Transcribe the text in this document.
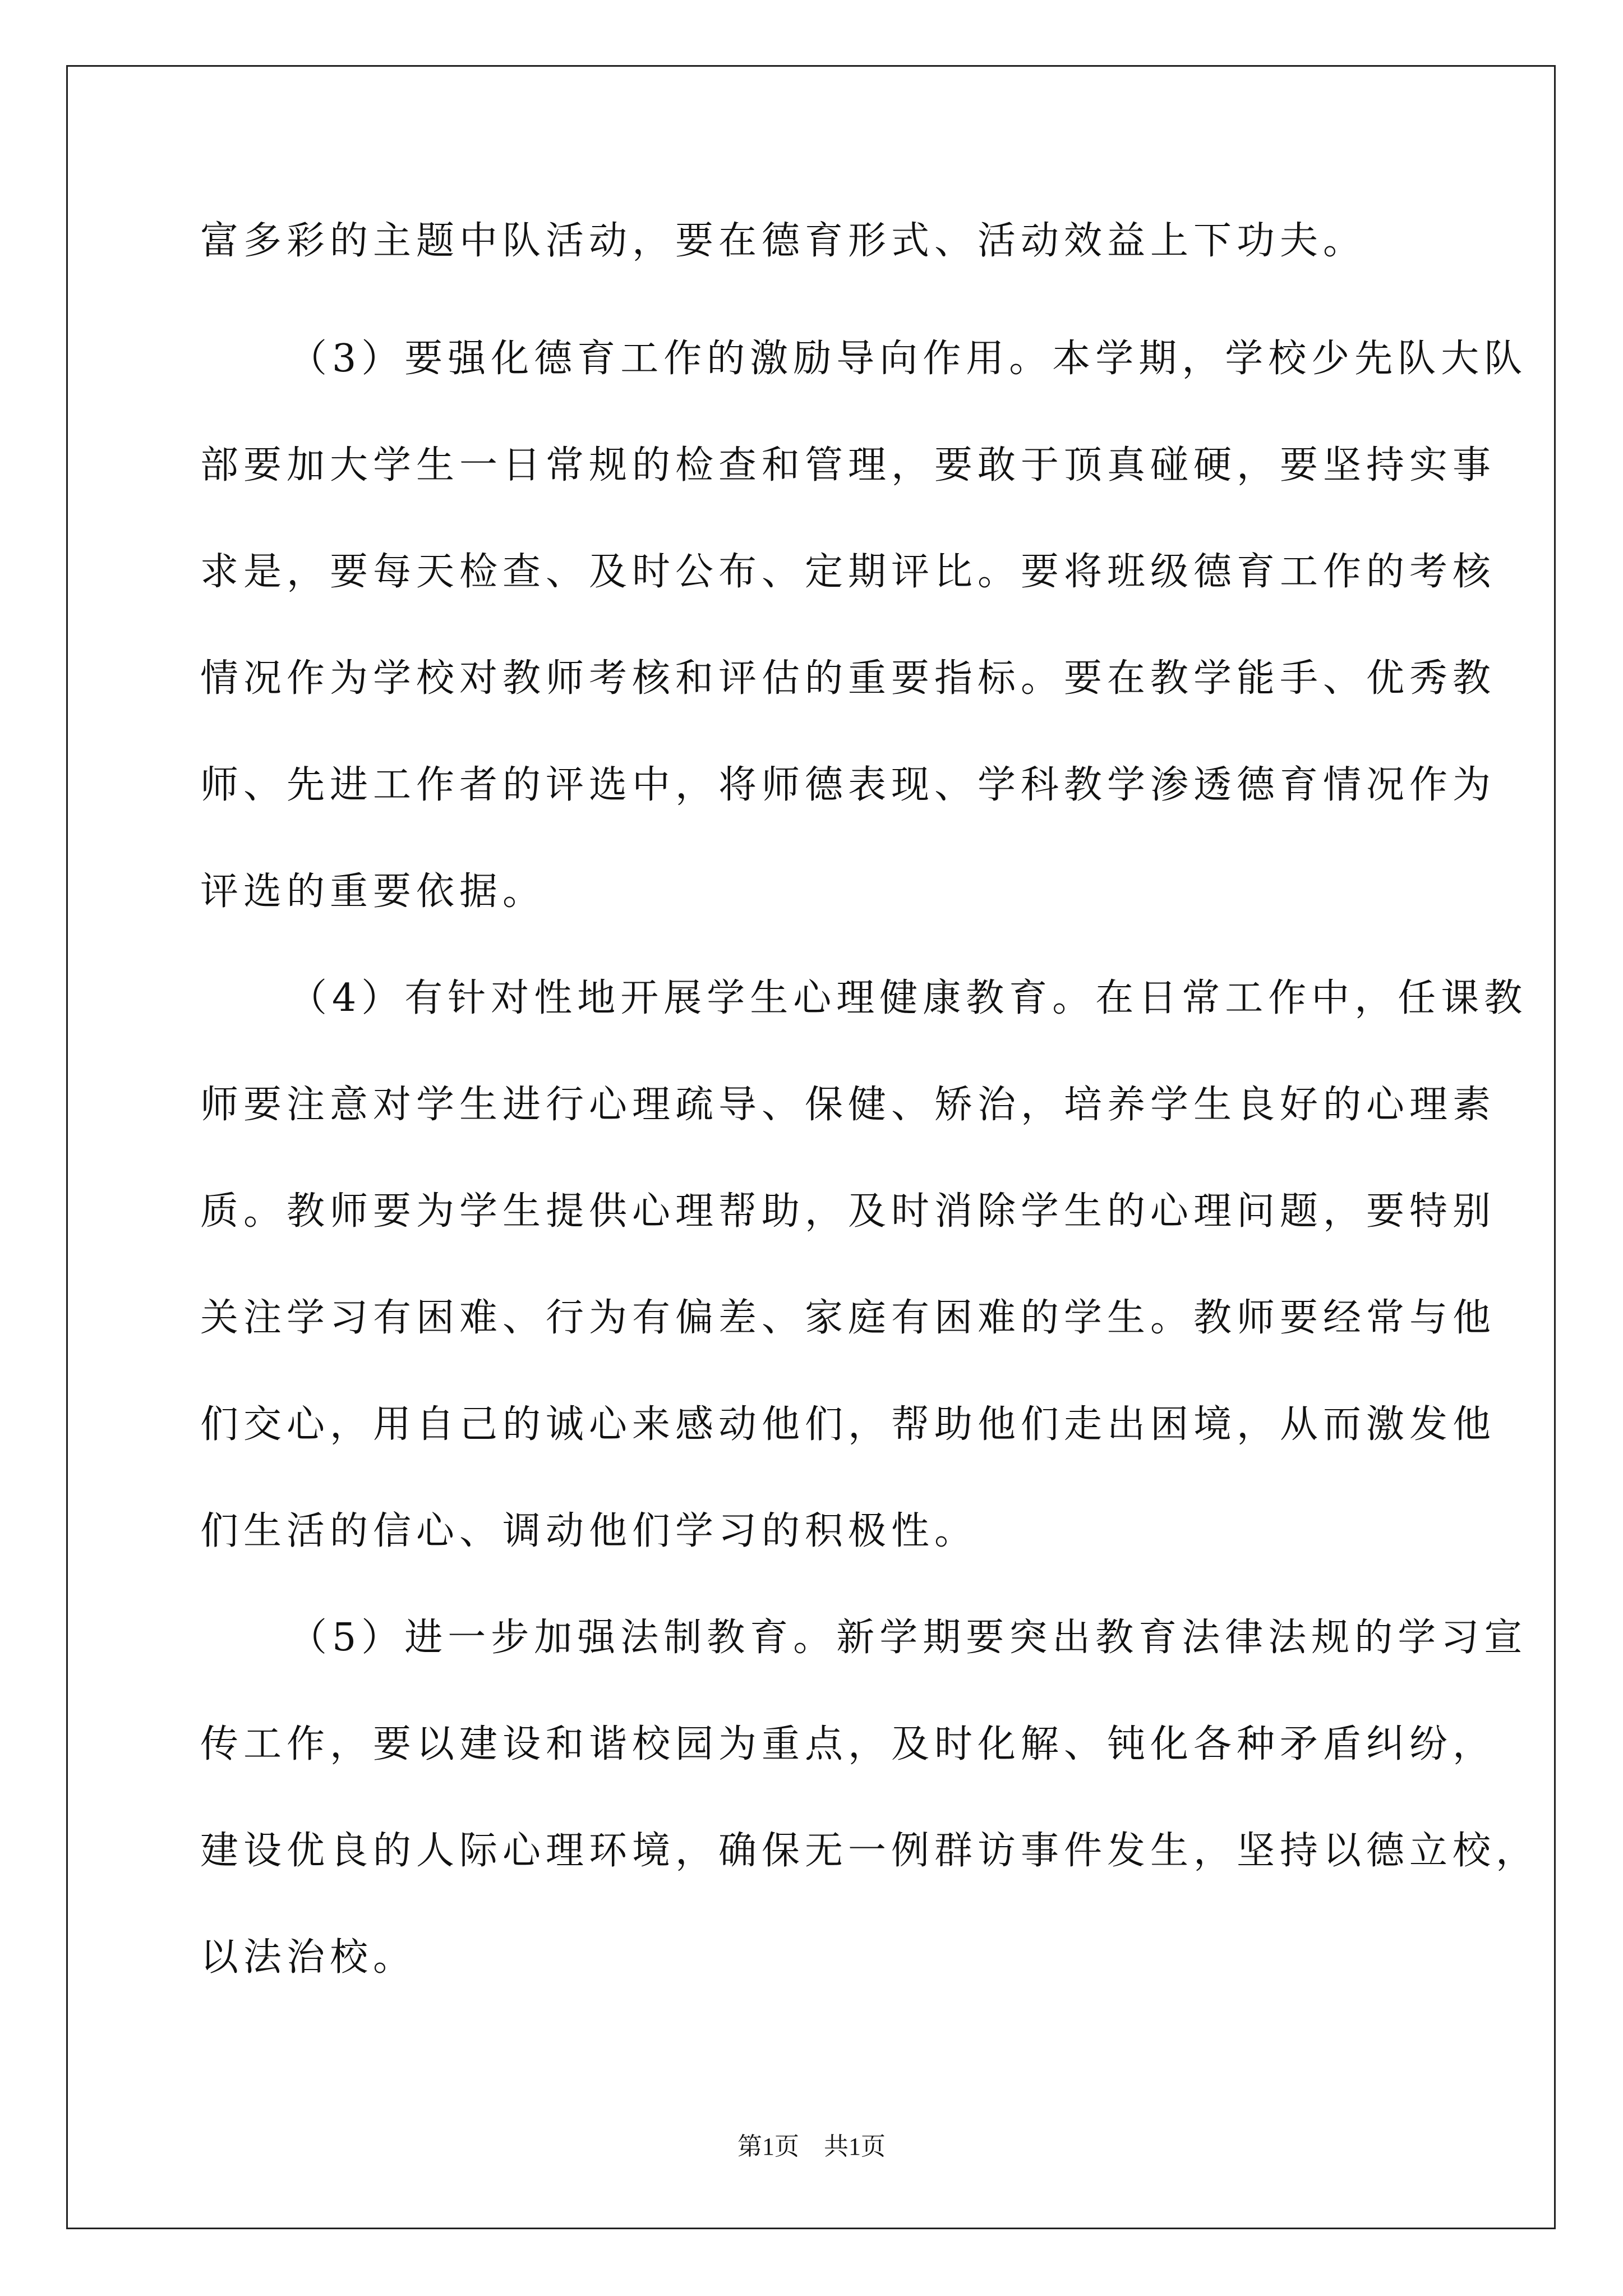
富多彩的主题中队活动，要在德育形式、活动效益上下功夫。
（3）要强化德育工作的激励导向作用。本学期，学校少先队大队
部要加大学生一日常规的检查和管理，要敢于顶真碰硬，要坚持实事
求是，要每天检查、及时公布、定期评比。要将班级德育工作的考核
情况作为学校对教师考核和评估的重要指标。要在教学能手、优秀教
师、先进工作者的评选中，将师德表现、学科教学渗透德育情况作为
评选的重要依据。
（4）有针对性地开展学生心理健康教育。在日常工作中，任课教
师要注意对学生进行心理疏导、保健、矫治，培养学生良好的心理素
质。教师要为学生提供心理帮助，及时消除学生的心理问题，要特别
关注学习有困难、行为有偏差、家庭有困难的学生。教师要经常与他
们交心，用自己的诚心来感动他们，帮助他们走出困境，从而激发他
们生活的信心、调动他们学习的积极性。
（5）进一步加强法制教育。新学期要突出教育法律法规的学习宣
传工作，要以建设和谐校园为重点，及时化解、钝化各种矛盾纠纷，
建设优良的人际心理环境，确保无一例群访事件发生，坚持以德立校，
以法治校。
第1页　共1页
